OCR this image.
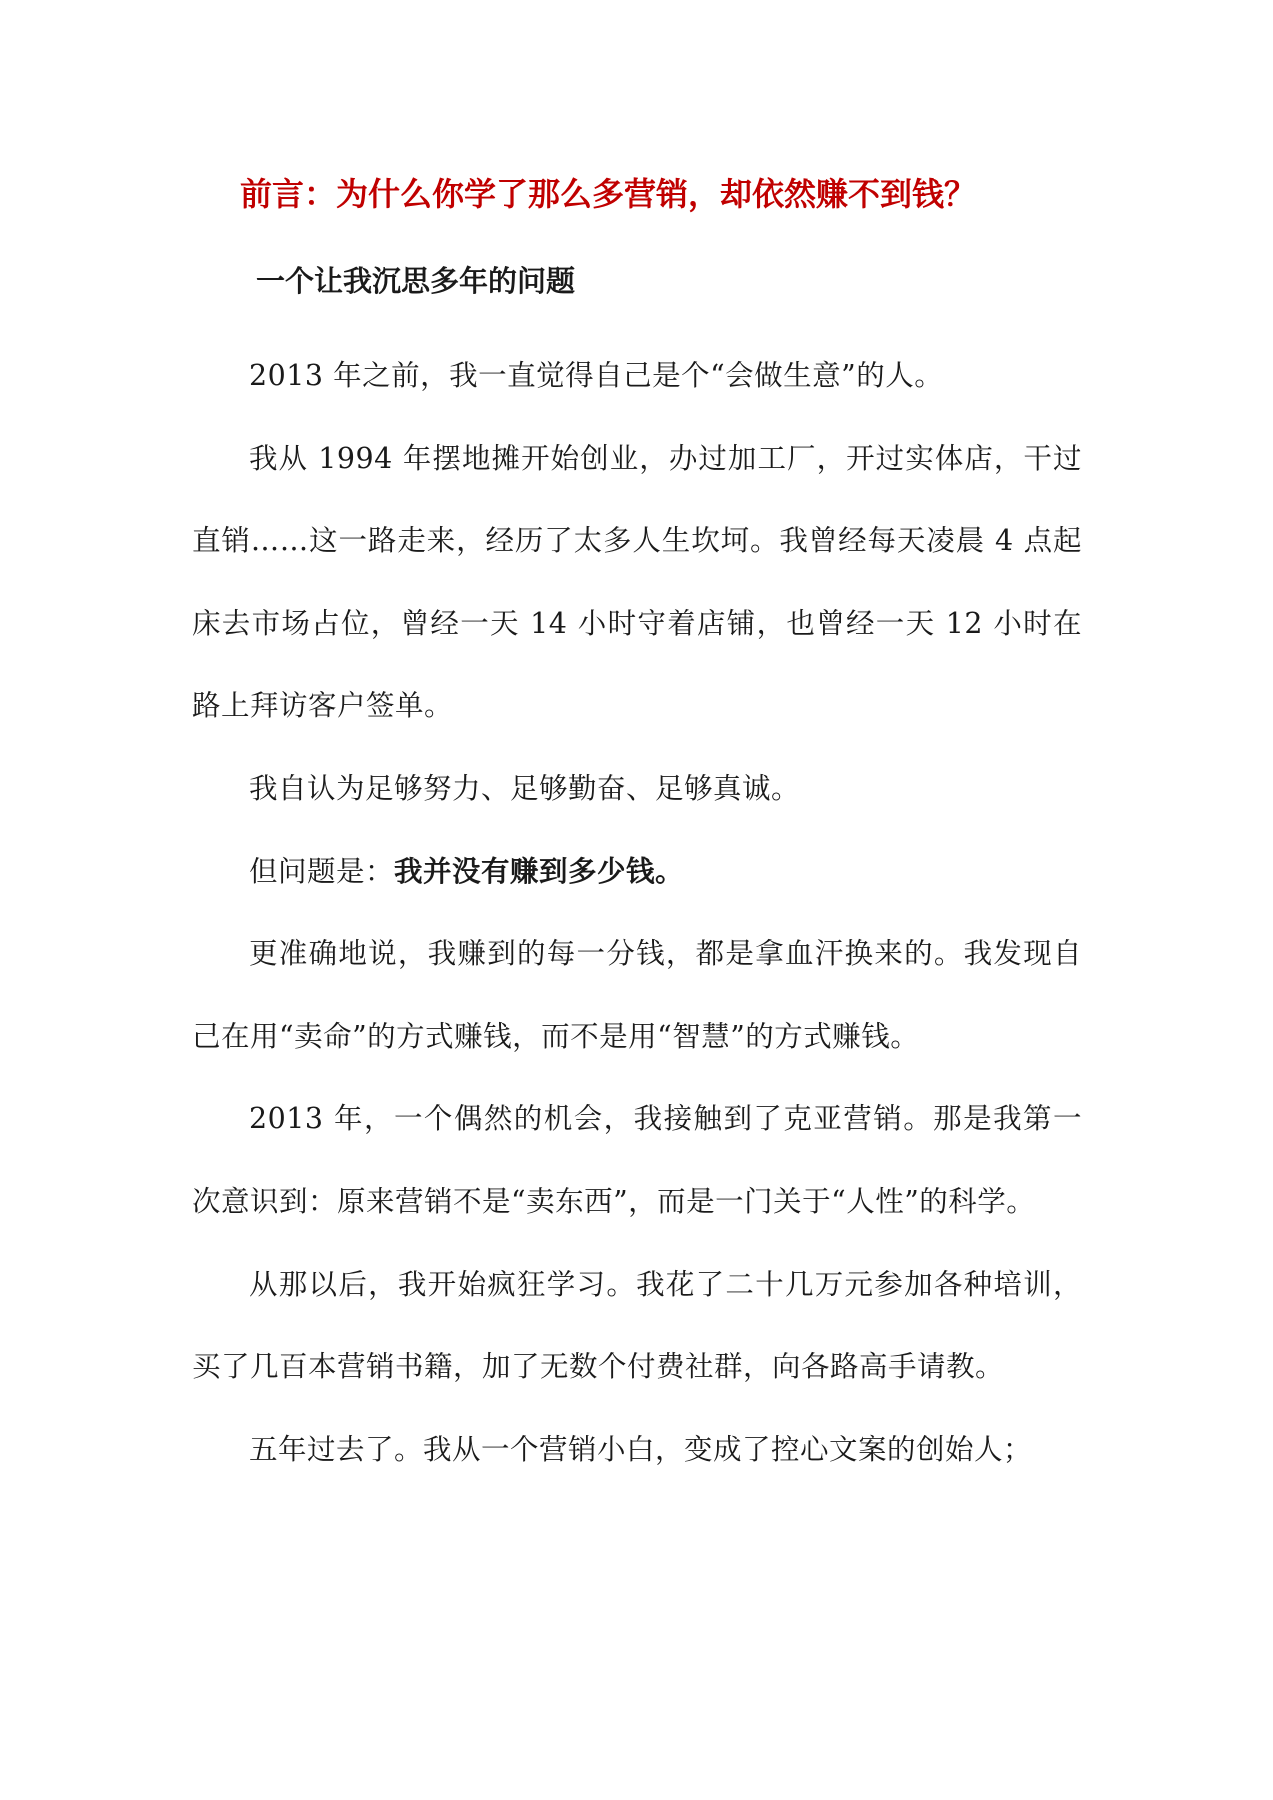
前言：为什么你学了那么多营销，却依然赚不到钱？
一个让我沉思多年的问题

2013 年之前，我一直觉得自己是个“会做生意”的人。

我从 1994 年摆地摊开始创业，办过加工厂，开过实体店，干过直销……这一路走来，经历了太多人生坎坷。我曾经每天凌晨 4 点起床去市场占位，曾经一天 14 小时守着店铺，也曾经一天 12 小时在路上拜访客户签单。

我自认为足够努力、足够勤奋、足够真诚。

但问题是：我并没有赚到多少钱。

更准确地说，我赚到的每一分钱，都是拿血汗换来的。我发现自己在用“卖命”的方式赚钱，而不是用“智慧”的方式赚钱。

2013 年，一个偶然的机会，我接触到了克亚营销。那是我第一次意识到：原来营销不是“卖东西”，而是一门关于“人性”的科学。

从那以后，我开始疯狂学习。我花了二十几万元参加各种培训，买了几百本营销书籍，加了无数个付费社群，向各路高手请教。

五年过去了。我从一个营销小白，变成了控心文案的创始人；
